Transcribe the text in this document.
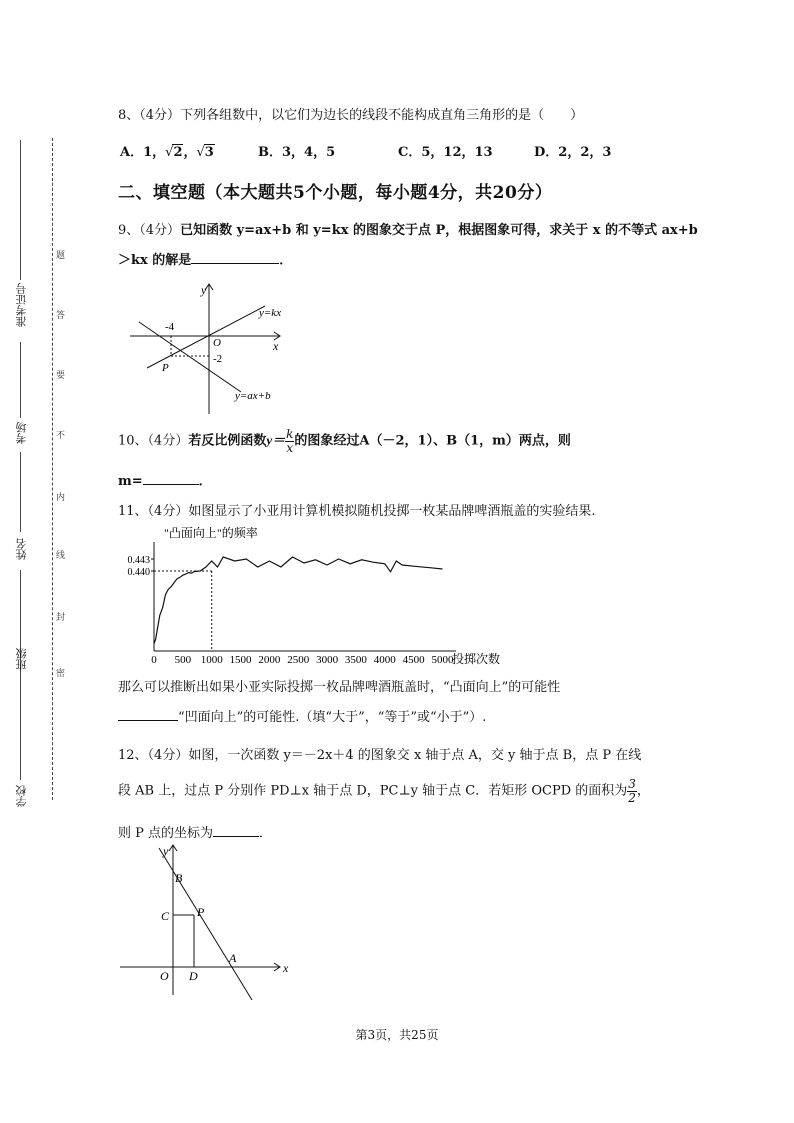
学校
班级
姓名
考场
准考证号
密
封
线
内
不
要
答
题
8、（4分）下列各组数中，以它们为边长的线段不能构成直角三角形的是（　　）
A．1，√2，√3	B．3，4，5	C．5，12，13	D．2，2，3
二、填空题（本大题共5个小题，每小题4分，共20分）
9、（4分）已知函数 y=ax+b 和 y=kx 的图象交于点 P，根据图象可得，求关于 x 的不等式 ax+b
＞kx 的解是	．
y
x
O
y=kx
y=ax+b
P
-4
-2
10、（4分）若反比例函数$y= \frac{k}{x}$ 的图象经过A（－2，1）、B（1，m）两点，则
m=	．
11、（4分）如图显示了小亚用计算机模拟随机投掷一枚某品牌啤酒瓶盖的实验结果.
"凸面向上"的频率
0 500 1000 1500 2000 2500 3000 3500 4000 4500 5000
0.443
0.440
投掷次数
那么可以推断出如果小亚实际投掷一枚品牌啤酒瓶盖时，“凸面向上”的可能性
“凹面向上”的可能性.（填“大于”，“等于”或“小于”）.
12、（4分）如图，一次函数 y＝－2x＋4 的图象交 x 轴于点 A，交 y 轴于点 B，点 P 在线
段 AB 上，过点 P 分别作 PD⊥x 轴于点 D，PC⊥y 轴于点 C．若矩形 OCPD 的面积为 $\frac{3}{2}$ ，
则 P 点的坐标为	．
y
x
O
B
C P
A
D
第3页，共25页
